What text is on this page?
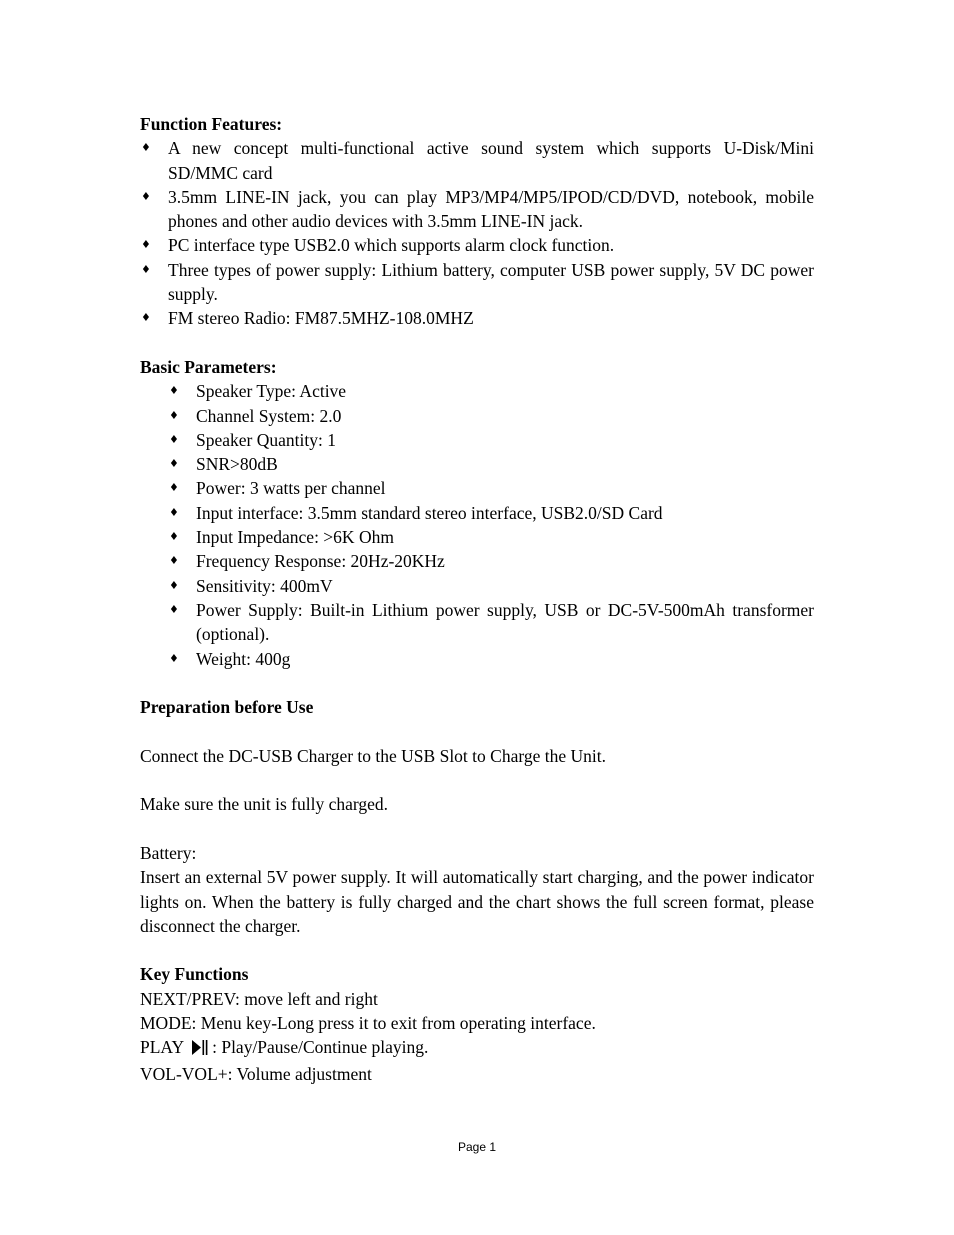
Function Features:
♦ A new concept multi-functional active sound system which supports U-Disk/Mini SD/MMC card
♦ 3.5mm LINE-IN jack, you can play MP3/MP4/MP5/IPOD/CD/DVD, notebook, mobile phones and other audio devices with 3.5mm LINE-IN jack.
♦ PC interface type USB2.0 which supports alarm clock function.
♦ Three types of power supply: Lithium battery, computer USB power supply, 5V DC power supply.
♦ FM stereo Radio: FM87.5MHZ-108.0MHZ
Basic Parameters:
♦ Speaker Type: Active
♦ Channel System: 2.0
♦ Speaker Quantity: 1
♦ SNR>80dB
♦ Power: 3 watts per channel
♦ Input interface: 3.5mm standard stereo interface, USB2.0/SD Card
♦ Input Impedance: >6K Ohm
♦ Frequency Response: 20Hz-20KHz
♦ Sensitivity: 400mV
♦ Power Supply: Built-in Lithium power supply, USB or DC-5V-500mAh transformer (optional).
♦ Weight: 400g
Preparation before Use

Connect the DC-USB Charger to the USB Slot to Charge the Unit.

Make sure the unit is fully charged.

Battery:

Insert an external 5V power supply. It will automatically start charging, and the power indicator lights on. When the battery is fully charged and the chart shows the full screen format, please disconnect the charger.

Key Functions

NEXT/PREV: move left and right

MODE: Menu key-Long press it to exit from operating interface.

PLAY : Play/Pause/Continue playing.

VOL-VOL+: Volume adjustment

Page 1
